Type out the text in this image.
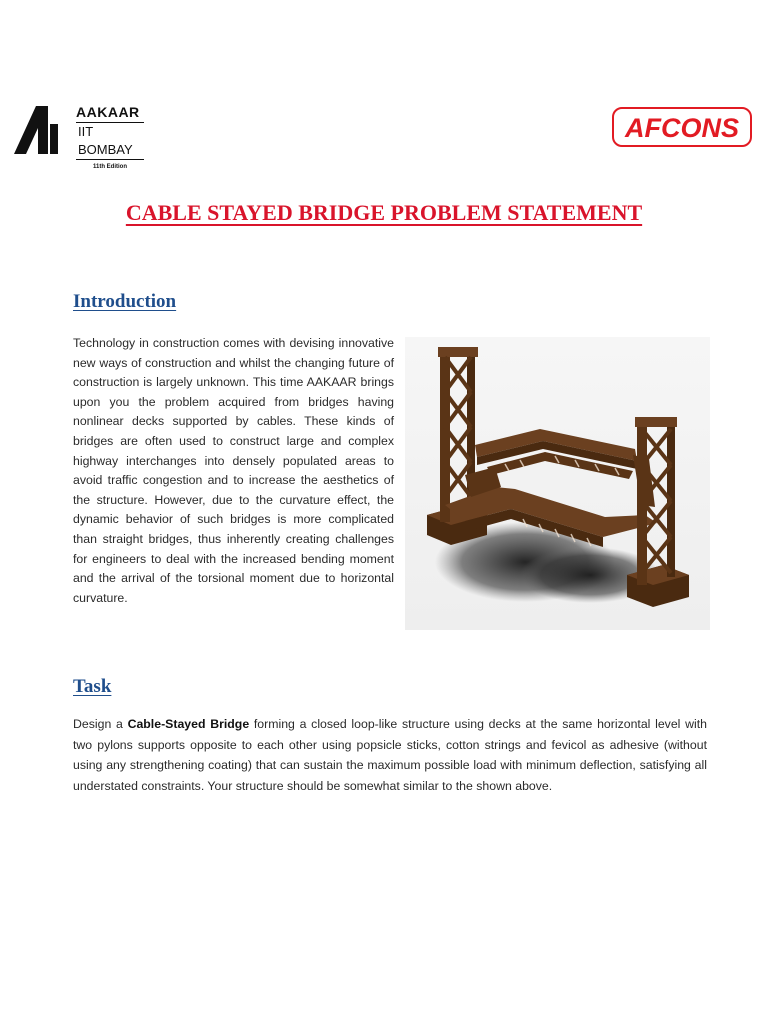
AAKAAR
IIT BOMBAY
11th Edition
AFCONS
CABLE STAYED BRIDGE PROBLEM STATEMENT
Introduction
Technology in construction comes with devising innovative new ways of construction and whilst the changing future of construction is largely unknown. This time AAKAAR brings upon you the problem acquired from bridges having nonlinear decks supported by cables. These kinds of bridges are often used to construct large and complex highway interchanges into densely populated areas to avoid traffic congestion and to increase the aesthetics of the structure. However, due to the curvature effect, the dynamic behavior of such bridges is more complicated than straight bridges, thus inherently creating challenges for engineers to deal with the increased bending moment and the arrival of the torsional moment due to horizontal curvature.
Task
Design a Cable-Stayed Bridge forming a closed loop-like structure using decks at the same horizontal level with two pylons supports opposite to each other using popsicle sticks, cotton strings and fevicol as adhesive (without using any strengthening coating) that can sustain the maximum possible load with minimum deflection, satisfying all understated constraints. Your structure should be somewhat similar to the shown above.
